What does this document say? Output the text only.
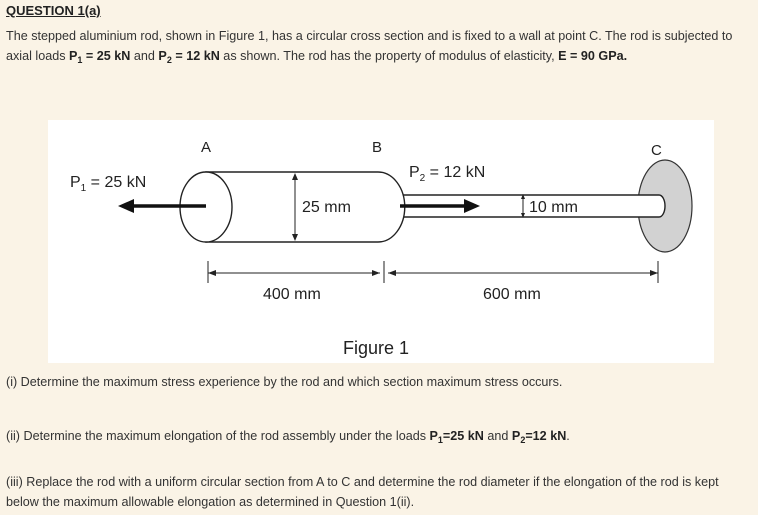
QUESTION 1(a)
The stepped aluminium rod, shown in Figure 1, has a circular cross section and is fixed to a wall at point C. The rod is subjected to axial loads $P_1 = 25$ kN and $P_2 = 12$ kN as shown. The rod has the property of modulus of elasticity, E = 90 GPa.
A	B	C
$P_1 = 25$ kN
$P_2 = 12$ kN
25 mm	10 mm
400 mm	600 mm
Figure 1
(i) Determine the maximum stress experience by the rod and which section maximum stress occurs.
(ii) Determine the maximum elongation of the rod assembly under the loads $P_1=25$ kN and $P_2=12$ kN.
(iii) Replace the rod with a uniform circular section from A to C and determine the rod diameter if the elongation of the rod is kept below the maximum allowable elongation as determined in Question 1(ii).
